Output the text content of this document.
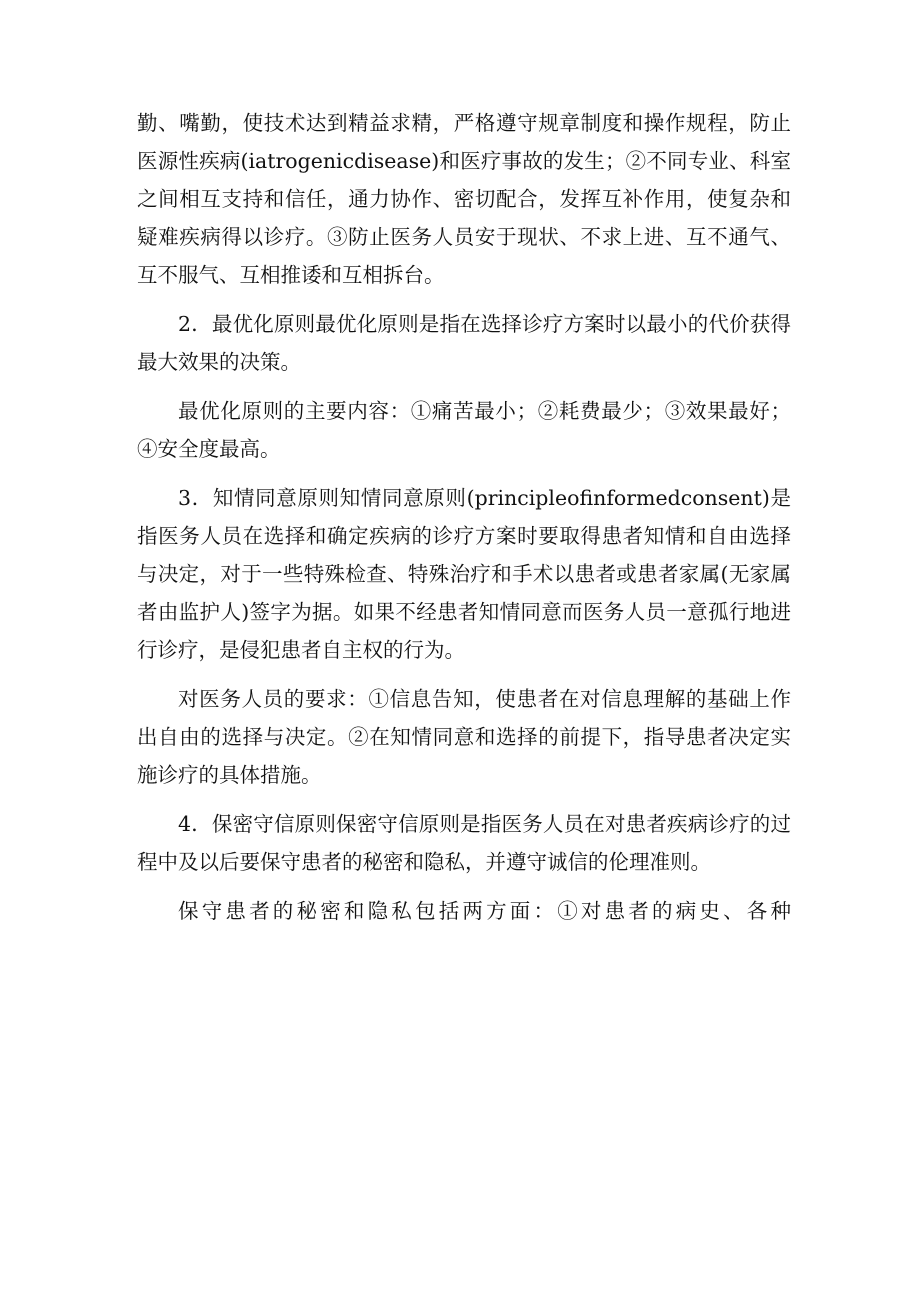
勤、嘴勤，使技术达到精益求精，严格遵守规章制度和操作规程，防止医源性疾病(iatrogenicdisease)和医疗事故的发生；②不同专业、科室之间相互支持和信任，通力协作、密切配合，发挥互补作用，使复杂和疑难疾病得以诊疗。③防止医务人员安于现状、不求上进、互不通气、互不服气、互相推诿和互相拆台。

2．最优化原则最优化原则是指在选择诊疗方案时以最小的代价获得最大效果的决策。

最优化原则的主要内容：①痛苦最小；②耗费最少；③效果最好；④安全度最高。

3．知情同意原则知情同意原则(principleofinformedconsent)是指医务人员在选择和确定疾病的诊疗方案时要取得患者知情和自由选择与决定，对于一些特殊检查、特殊治疗和手术以患者或患者家属(无家属者由监护人)签字为据。如果不经患者知情同意而医务人员一意孤行地进行诊疗，是侵犯患者自主权的行为。

对医务人员的要求：①信息告知，使患者在对信息理解的基础上作出自由的选择与决定。②在知情同意和选择的前提下，指导患者决定实施诊疗的具体措施。

4．保密守信原则保密守信原则是指医务人员在对患者疾病诊疗的过程中及以后要保守患者的秘密和隐私，并遵守诚信的伦理准则。

保守患者的秘密和隐私包括两方面：①对患者的病史、各种
